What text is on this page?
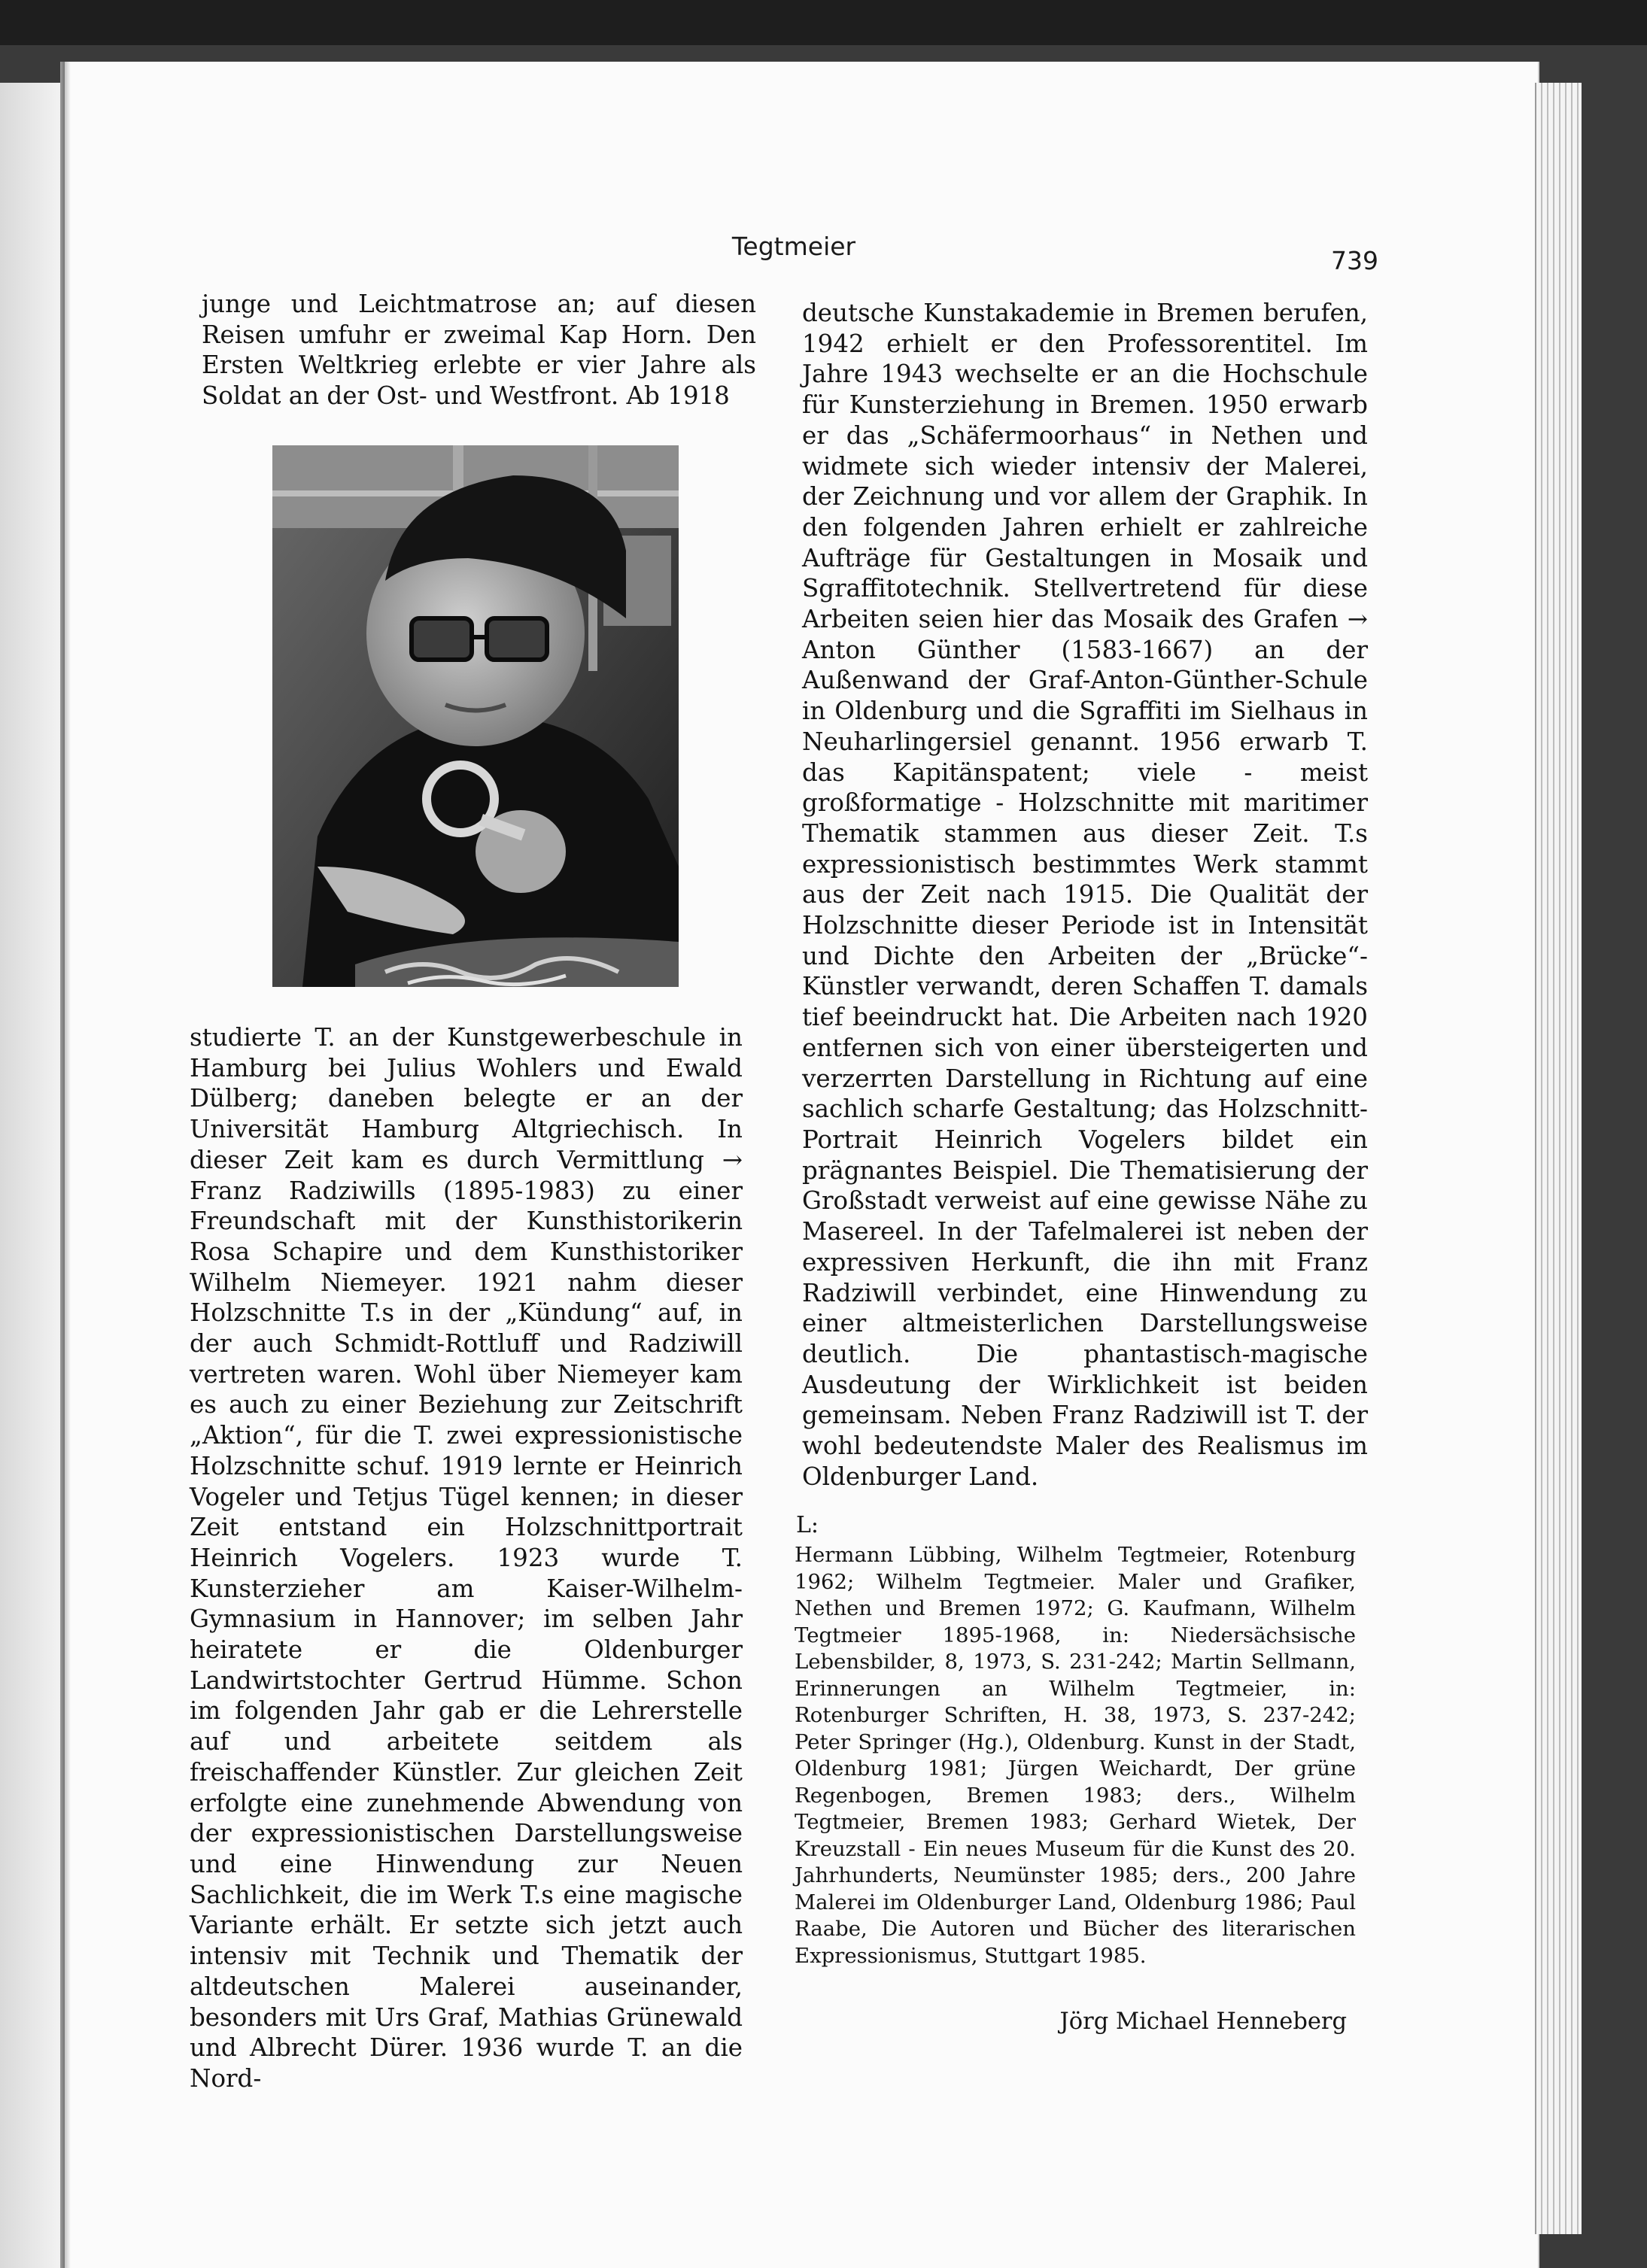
Tegtmeier	739

junge und Leichtmatrose an; auf diesen Reisen umfuhr er zweimal Kap Horn. Den Ersten Weltkrieg erlebte er vier Jahre als Soldat an der Ost- und Westfront. Ab 1918

studierte T. an der Kunstgewerbeschule in Hamburg bei Julius Wohlers und Ewald Dülberg; daneben belegte er an der Universität Hamburg Altgriechisch. In dieser Zeit kam es durch Vermittlung → Franz Radziwills (1895-1983) zu einer Freundschaft mit der Kunsthistorikerin Rosa Schapire und dem Kunsthistoriker Wilhelm Niemeyer. 1921 nahm dieser Holzschnitte T.s in der „Kündung“ auf, in der auch Schmidt-Rottluff und Radziwill vertreten waren. Wohl über Niemeyer kam es auch zu einer Beziehung zur Zeitschrift „Aktion“, für die T. zwei expressionistische Holzschnitte schuf. 1919 lernte er Heinrich Vogeler und Tetjus Tügel kennen; in dieser Zeit entstand ein Holzschnittportrait Heinrich Vogelers. 1923 wurde T. Kunsterzieher am Kaiser-Wilhelm-Gymnasium in Hannover; im selben Jahr heiratete er die Oldenburger Landwirtstochter Gertrud Hümme. Schon im folgenden Jahr gab er die Lehrerstelle auf und arbeitete seitdem als freischaffender Künstler. Zur gleichen Zeit erfolgte eine zunehmende Abwendung von der expressionistischen Darstellungsweise und eine Hinwendung zur Neuen Sachlichkeit, die im Werk T.s eine magische Variante erhält. Er setzte sich jetzt auch intensiv mit Technik und Thematik der altdeutschen Malerei auseinander, besonders mit Urs Graf, Mathias Grünewald und Albrecht Dürer. 1936 wurde T. an die Nord-

deutsche Kunstakademie in Bremen berufen, 1942 erhielt er den Professorentitel. Im Jahre 1943 wechselte er an die Hochschule für Kunsterziehung in Bremen. 1950 erwarb er das „Schäfermoorhaus“ in Nethen und widmete sich wieder intensiv der Malerei, der Zeichnung und vor allem der Graphik. In den folgenden Jahren erhielt er zahlreiche Aufträge für Gestaltungen in Mosaik und Sgraffitotechnik. Stellvertretend für diese Arbeiten seien hier das Mosaik des Grafen → Anton Günther (1583-1667) an der Außenwand der Graf-Anton-Günther-Schule in Oldenburg und die Sgraffiti im Sielhaus in Neuharlingersiel genannt. 1956 erwarb T. das Kapitänspatent; viele - meist großformatige - Holzschnitte mit maritimer Thematik stammen aus dieser Zeit. T.s expressionistisch bestimmtes Werk stammt aus der Zeit nach 1915. Die Qualität der Holzschnitte dieser Periode ist in Intensität und Dichte den Arbeiten der „Brücke“-Künstler verwandt, deren Schaffen T. damals tief beeindruckt hat. Die Arbeiten nach 1920 entfernen sich von einer übersteigerten und verzerrten Darstellung in Richtung auf eine sachlich scharfe Gestaltung; das Holzschnitt-Portrait Heinrich Vogelers bildet ein prägnantes Beispiel. Die Thematisierung der Großstadt verweist auf eine gewisse Nähe zu Masereel. In der Tafelmalerei ist neben der expressiven Herkunft, die ihn mit Franz Radziwill verbindet, eine Hinwendung zu einer altmeisterlichen Darstellungsweise deutlich. Die phantastisch-magische Ausdeutung der Wirklichkeit ist beiden gemeinsam. Neben Franz Radziwill ist T. der wohl bedeutendste Maler des Realismus im Oldenburger Land.

L:

Hermann Lübbing, Wilhelm Tegtmeier, Rotenburg 1962; Wilhelm Tegtmeier. Maler und Grafiker, Nethen und Bremen 1972; G. Kaufmann, Wilhelm Tegtmeier 1895-1968, in: Niedersächsische Lebensbilder, 8, 1973, S. 231-242; Martin Sellmann, Erinnerungen an Wilhelm Tegtmeier, in: Rotenburger Schriften, H. 38, 1973, S. 237-242; Peter Springer (Hg.), Oldenburg. Kunst in der Stadt, Oldenburg 1981; Jürgen Weichardt, Der grüne Regenbogen, Bremen 1983; ders., Wilhelm Tegtmeier, Bremen 1983; Gerhard Wietek, Der Kreuzstall - Ein neues Museum für die Kunst des 20. Jahrhunderts, Neumünster 1985; ders., 200 Jahre Malerei im Oldenburger Land, Oldenburg 1986; Paul Raabe, Die Autoren und Bücher des literarischen Expressionismus, Stuttgart 1985.

Jörg Michael Henneberg
